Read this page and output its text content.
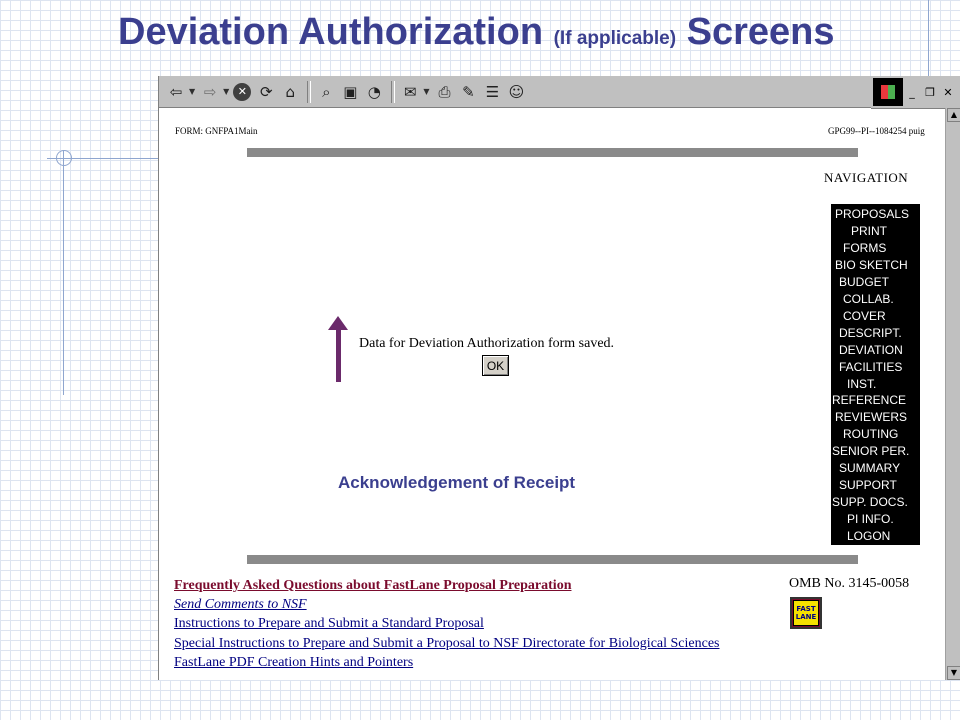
Deviation Authorization (If applicable) Screens
⇦ ▼ ⇨ ▼ ✕ ⟳ ⌂	⌕ ▣ ◔	✉ ▼ ⎙ ✎ ☰ ☺	_ ❐ ✕
▲
▼
FORM: GNFPA1Main	GPG99--PI--1084254 puig
NAVIGATION
PROPOSALS
PRINT
FORMS
BIO SKETCH
BUDGET
COLLAB.
COVER
DESCRIPT.
DEVIATION
FACILITIES
INST.
REFERENCE
REVIEWERS
ROUTING
SENIOR PER.
SUMMARY
SUPPORT
SUPP. DOCS.
PI INFO.
LOGON
Data for Deviation Authorization form saved.
OK
Frequently Asked Questions about FastLane Proposal Preparation
Send Comments to NSF
Instructions to Prepare and Submit a Standard Proposal
Special Instructions to Prepare and Submit a Proposal to NSF Directorate for Biological Sciences
FastLane PDF Creation Hints and Pointers
OMB No. 3145-0058
FAST
LANE
Acknowledgement of Receipt
